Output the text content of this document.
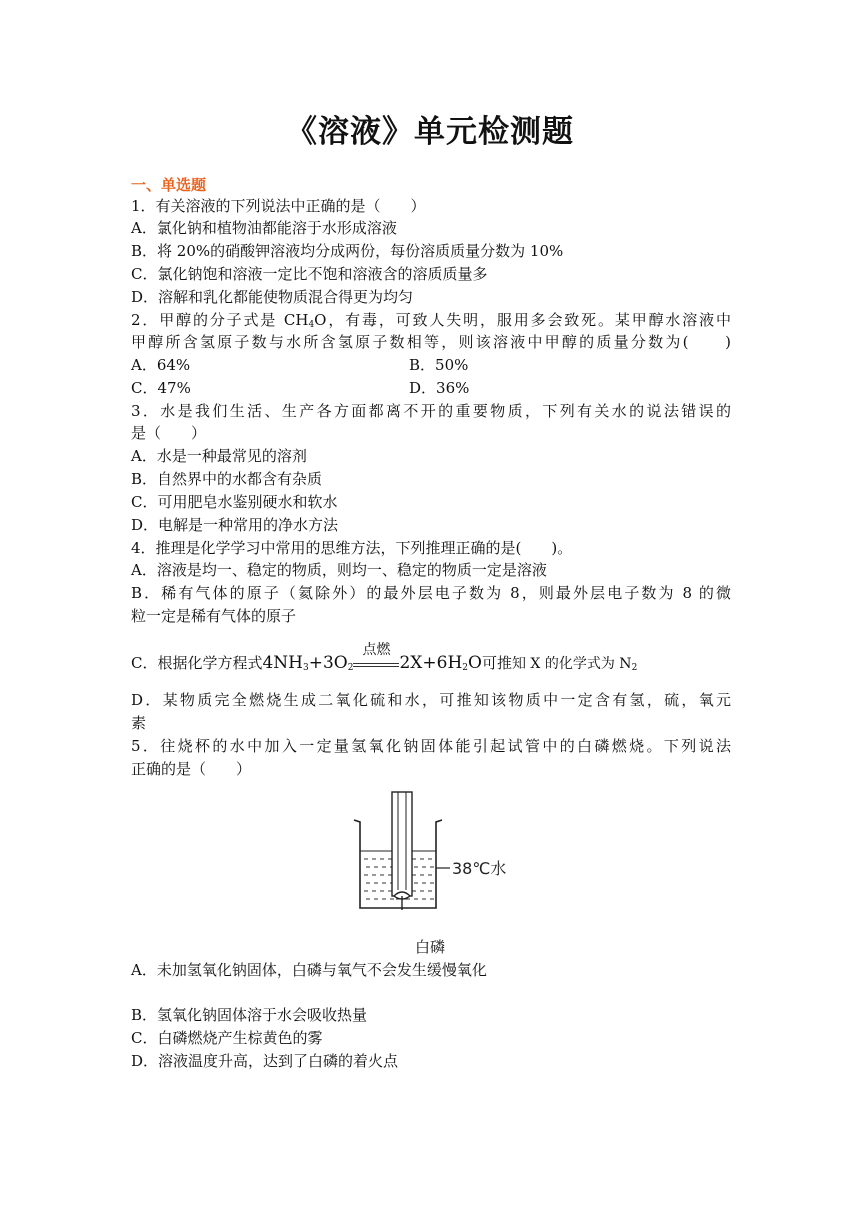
《溶液》单元检测题
一、单选题
1．有关溶液的下列说法中正确的是（　　）
A．氯化钠和植物油都能溶于水形成溶液
B．将 20%的硝酸钾溶液均分成两份，每份溶质质量分数为 10%
C．氯化钠饱和溶液一定比不饱和溶液含的溶质质量多
D．溶解和乳化都能使物质混合得更为均匀
2．甲醇的分子式是 $CH_4O$，有毒，可致人失明，服用多会致死。某甲醇水溶液中
甲醇所含氢原子数与水所含氢原子数相等，则该溶液中甲醇的质量分数为(　　)
A．64%	B．50%
C．47%	D．36%
3．水是我们生活、生产各方面都离不开的重要物质，下列有关水的说法错误的
是（　　）
A．水是一种最常见的溶剂
B．自然界中的水都含有杂质
C．可用肥皂水鉴别硬水和软水
D．电解是一种常用的净水方法
4．推理是化学学习中常用的思维方法，下列推理正确的是(　　)。
A．溶液是均一、稳定的物质，则均一、稳定的物质一定是溶液
B．稀有气体的原子（氦除外）的最外层电子数为 8，则最外层电子数为 8 的微
粒一定是稀有气体的原子
C．根据化学方程式$4NH_3+3O_2$
点燃
$2X+6H_2O$可推知 X 的化学式为 $N_2$
D．某物质完全燃烧生成二氧化硫和水，可推知该物质中一定含有氢，硫，氧元
素
5．往烧杯的水中加入一定量氢氧化钠固体能引起试管中的白磷燃烧。下列说法
正确的是（　　）
38℃水
白磷
A．未加氢氧化钠固体，白磷与氧气不会发生缓慢氧化
B．氢氧化钠固体溶于水会吸收热量
C．白磷燃烧产生棕黄色的雾
D．溶液温度升高，达到了白磷的着火点
